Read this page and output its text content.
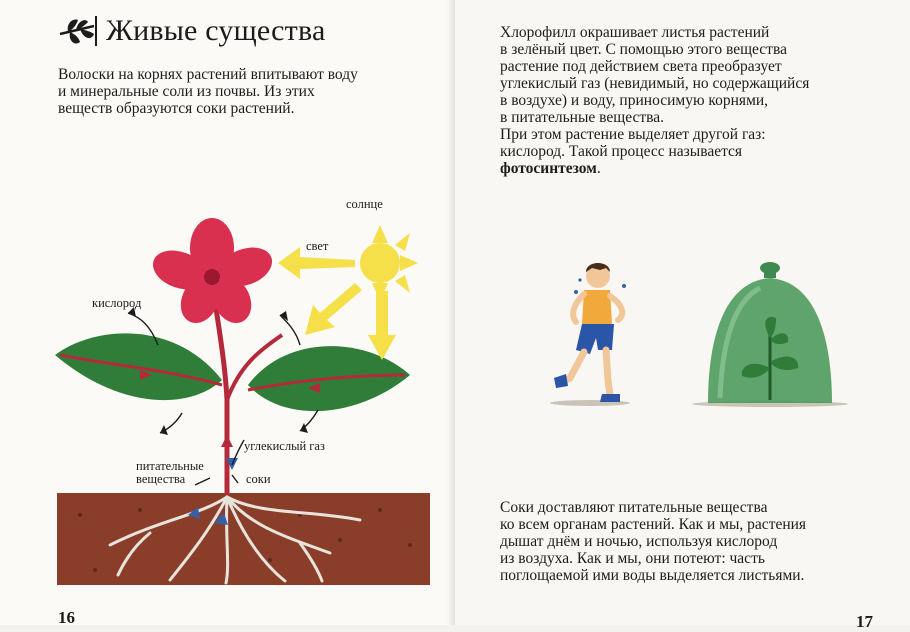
Живые существа

Волоски на корнях растений впитывают воду

и минеральные соли из почвы. Из этих

веществ образуются соки растений.

солнце
свет
кислород
углекислый газ
питательные
вещества	соки
16	17

Хлорофилл окрашивает листья растений

в зелёный цвет. С помощью этого вещества

растение под действием света преобразует

углекислый газ (невидимый, но содержащийся

в воздухе) и воду, приносимую корнями,

в питательные вещества.

При этом растение выделяет другой газ:

кислород. Такой процесс называется

фотосинтезом.

Соки доставляют питательные вещества

ко всем органам растений. Как и мы, растения

дышат днём и ночью, используя кислород

из воздуха. Как и мы, они потеют: часть

поглощаемой ими воды выделяется листьями.
